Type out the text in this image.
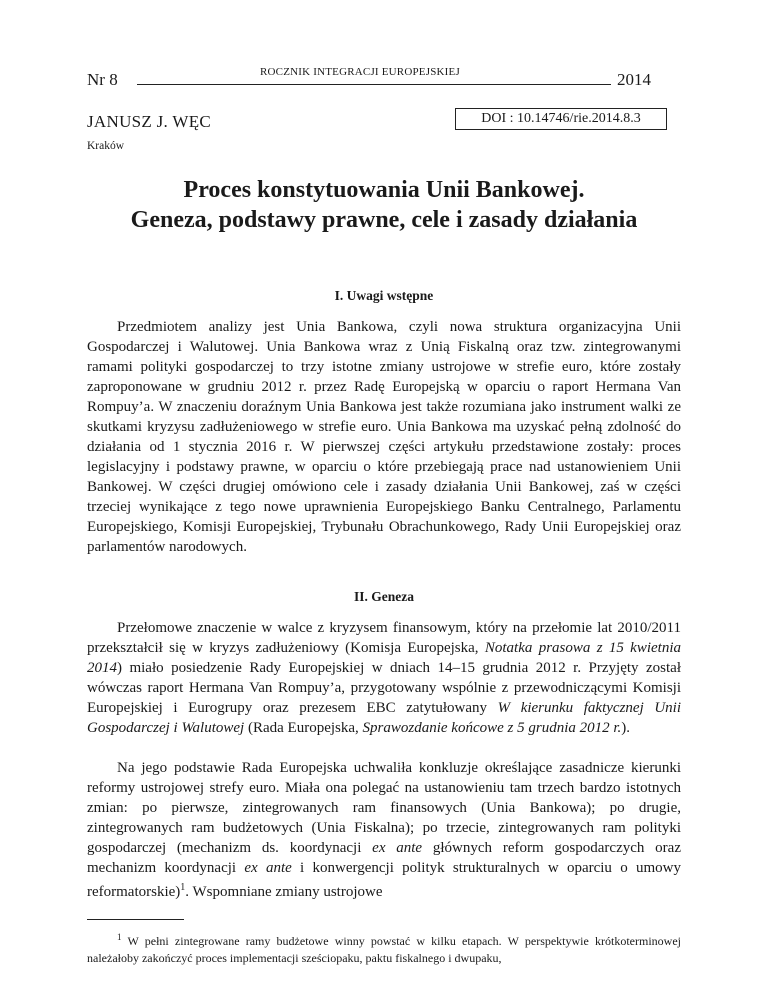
Nr 8	ROCZNIK INTEGRACJI EUROPEJSKIEJ	2014
JANUSZ J. WĘC	DOI : 10.14746/rie.2014.8.3
Kraków
Proces konstytuowania Unii Bankowej.
Geneza, podstawy prawne, cele i zasady działania
I. Uwagi wstępne
Przedmiotem analizy jest Unia Bankowa, czyli nowa struktura organizacyjna Unii Gospodarczej i Walutowej. Unia Bankowa wraz z Unią Fiskalną oraz tzw. zintegrowanymi ramami polityki gospodarczej to trzy istotne zmiany ustrojowe w strefie euro, które zostały zaproponowane w grudniu 2012 r. przez Radę Europejską w oparciu o raport Hermana Van Rompuy’a. W znaczeniu doraźnym Unia Bankowa jest także rozumiana jako instrument walki ze skutkami kryzysu zadłużeniowego w strefie euro. Unia Bankowa ma uzyskać pełną zdolność do działania od 1 stycznia 2016 r. W pierwszej części artykułu przedstawione zostały: proces legislacyjny i podstawy prawne, w oparciu o które przebiegają prace nad ustanowieniem Unii Bankowej. W części drugiej omówiono cele i zasady działania Unii Bankowej, zaś w części trzeciej wynikające z tego nowe uprawnienia Europejskiego Banku Centralnego, Parlamentu Europejskiego, Komisji Europejskiej, Trybunału Obrachunkowego, Rady Unii Europejskiej oraz parlamentów narodowych.
II. Geneza
Przełomowe znaczenie w walce z kryzysem finansowym, który na przełomie lat 2010/2011 przekształcił się w kryzys zadłużeniowy (Komisja Europejska, Notatka prasowa z 15 kwietnia 2014) miało posiedzenie Rady Europejskiej w dniach 14–15 grudnia 2012 r. Przyjęty został wówczas raport Hermana Van Rompuy’a, przygotowany wspólnie z przewodniczącymi Komisji Europejskiej i Eurogrupy oraz prezesem EBC zatytułowany W kierunku faktycznej Unii Gospodarczej i Walutowej (Rada Europejska, Sprawozdanie końcowe z 5 grudnia 2012 r.).
Na jego podstawie Rada Europejska uchwaliła konkluzje określające zasadnicze kierunki reformy ustrojowej strefy euro. Miała ona polegać na ustanowieniu tam trzech bardzo istotnych zmian: po pierwsze, zintegrowanych ram finansowych (Unia Bankowa); po drugie, zintegrowanych ram budżetowych (Unia Fiskalna); po trzecie, zintegrowanych ram polityki gospodarczej (mechanizm ds. koordynacji ex ante głównych reform gospodarczych oraz mechanizm koordynacji ex ante i konwergencji polityk strukturalnych w oparciu o umowy reformatorskie)$^1$. Wspomniane zmiany ustrojowe
$^1$ W pełni zintegrowane ramy budżetowe winny powstać w kilku etapach. W perspektywie krótkoterminowej należałoby zakończyć proces implementacji sześciopaku, paktu fiskalnego i dwupaku,
